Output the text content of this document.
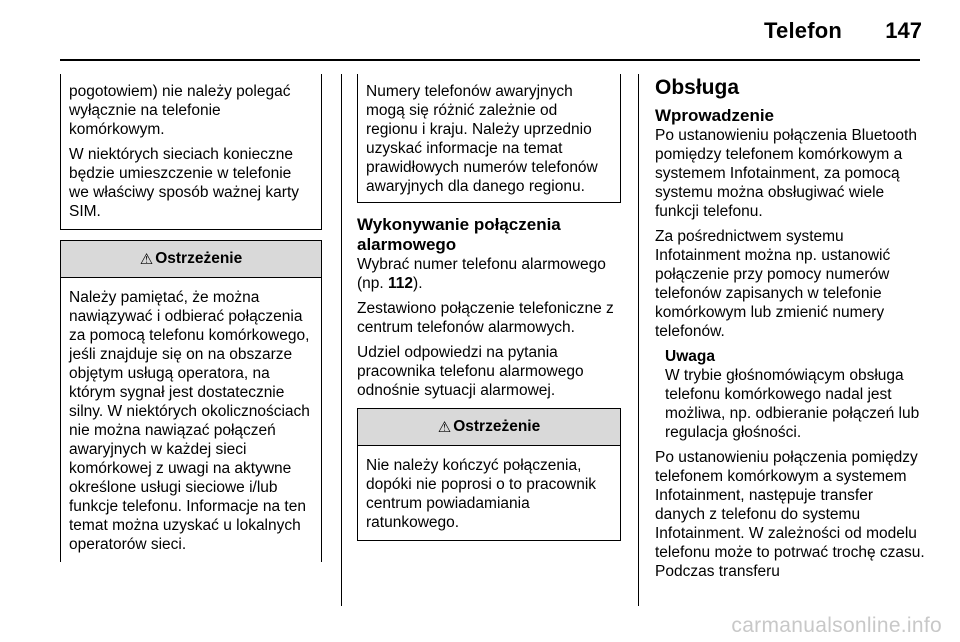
Telefon 147

pogotowiem) nie należy polegać wyłącznie na telefonie komórkowym.

W niektórych sieciach konieczne będzie umieszczenie w telefonie we właściwy sposób ważnej karty SIM.

⚠ Ostrzeżenie

Należy pamiętać, że można nawiązywać i odbierać połączenia za pomocą telefonu komórkowego, jeśli znajduje się on na obszarze objętym usługą operatora, na którym sygnał jest dostatecznie silny. W niektórych okolicznościach nie można nawiązać połączeń awaryjnych w każdej sieci komórkowej z uwagi na aktywne określone usługi sieciowe i/lub funkcje telefonu. Informacje na ten temat można uzyskać u lokalnych operatorów sieci.

Numery telefonów awaryjnych mogą się różnić zależnie od regionu i kraju. Należy uprzednio uzyskać informacje na temat prawidłowych numerów telefonów awaryjnych dla danego regionu.

Wykonywanie połączenia alarmowego

Wybrać numer telefonu alarmowego (np. 112).

Zestawiono połączenie telefoniczne z centrum telefonów alarmowych.

Udziel odpowiedzi na pytania pracownika telefonu alarmowego odnośnie sytuacji alarmowej.

⚠ Ostrzeżenie

Nie należy kończyć połączenia, dopóki nie poprosi o to pracownik centrum powiadamiania ratunkowego.

Obsługa
Wprowadzenie

Po ustanowieniu połączenia Bluetooth pomiędzy telefonem komórkowym a systemem Infotainment, za pomocą systemu można obsługiwać wiele funkcji telefonu.

Za pośrednictwem systemu Infotainment można np. ustanowić połączenie przy pomocy numerów telefonów zapisanych w telefonie komórkowym lub zmienić numery telefonów.

Uwaga

W trybie głośnomówiącym obsługa telefonu komórkowego nadal jest możliwa, np. odbieranie połączeń lub regulacja głośności.

Po ustanowieniu połączenia pomiędzy telefonem komórkowym a systemem Infotainment, następuje transfer danych z telefonu do systemu Infotainment. W zależności od modelu telefonu może to potrwać trochę czasu. Podczas transferu

carmanualsonline.info
